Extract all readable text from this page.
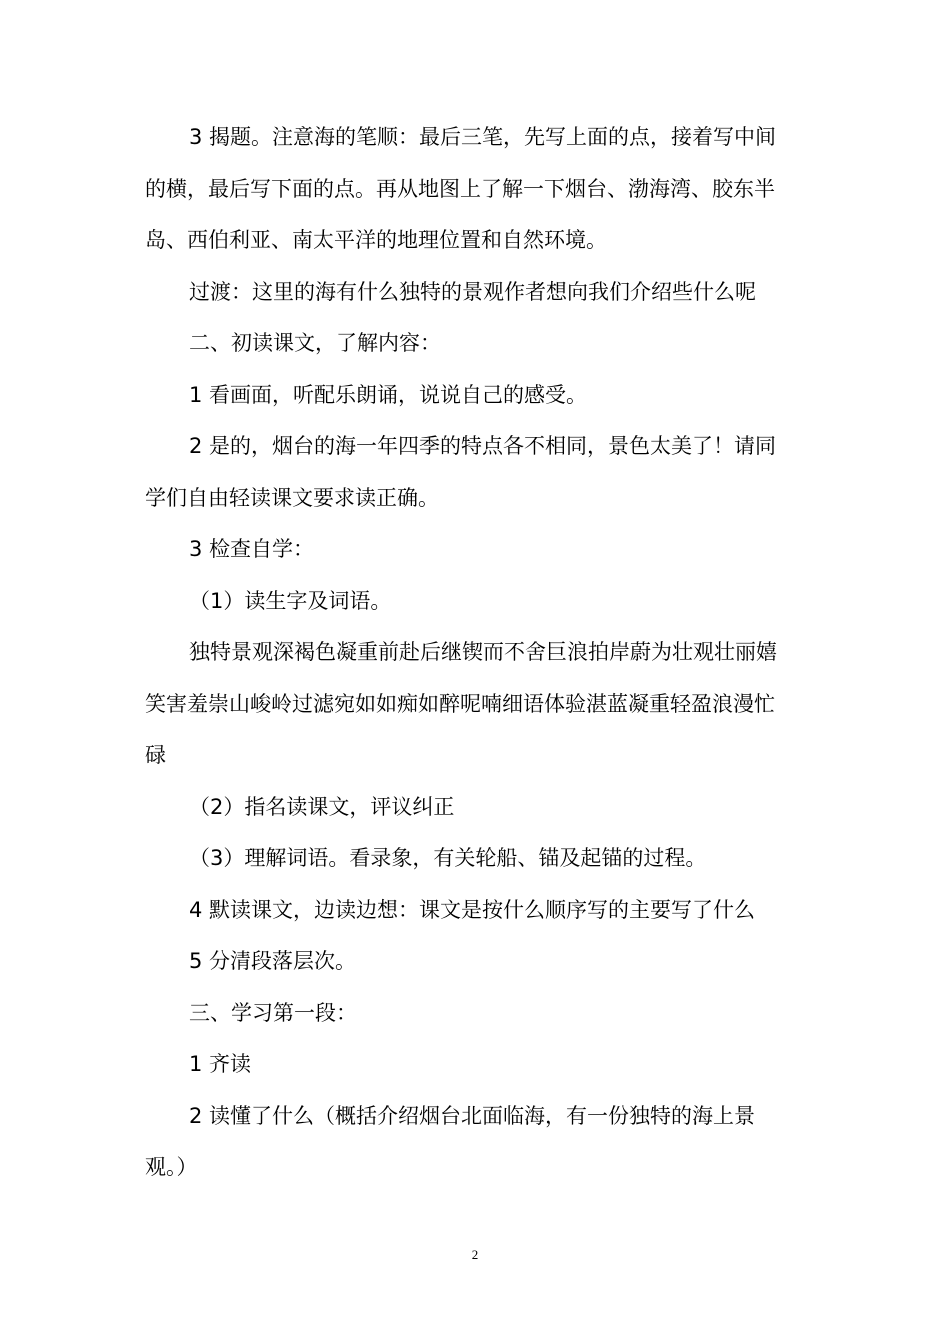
3 揭题。注意海的笔顺：最后三笔，先写上面的点，接着写中间的横，最后写下面的点。再从地图上了解一下烟台、渤海湾、胶东半岛、西伯利亚、南太平洋的地理位置和自然环境。

过渡：这里的海有什么独特的景观作者想向我们介绍些什么呢

二、初读课文，了解内容：

1 看画面，听配乐朗诵，说说自己的感受。

2 是的，烟台的海一年四季的特点各不相同，景色太美了！请同学们自由轻读课文要求读正确。

3 检查自学：

（1）读生字及词语。

独特景观深褐色凝重前赴后继锲而不舍巨浪拍岸蔚为壮观壮丽嬉笑害羞崇山峻岭过滤宛如如痴如醉呢喃细语体验湛蓝凝重轻盈浪漫忙碌

（2）指名读课文，评议纠正

（3）理解词语。看录象，有关轮船、锚及起锚的过程。

4 默读课文，边读边想：课文是按什么顺序写的主要写了什么

5 分清段落层次。

三、学习第一段：

1 齐读

2 读懂了什么（概括介绍烟台北面临海，有一份独特的海上景观。）

2
